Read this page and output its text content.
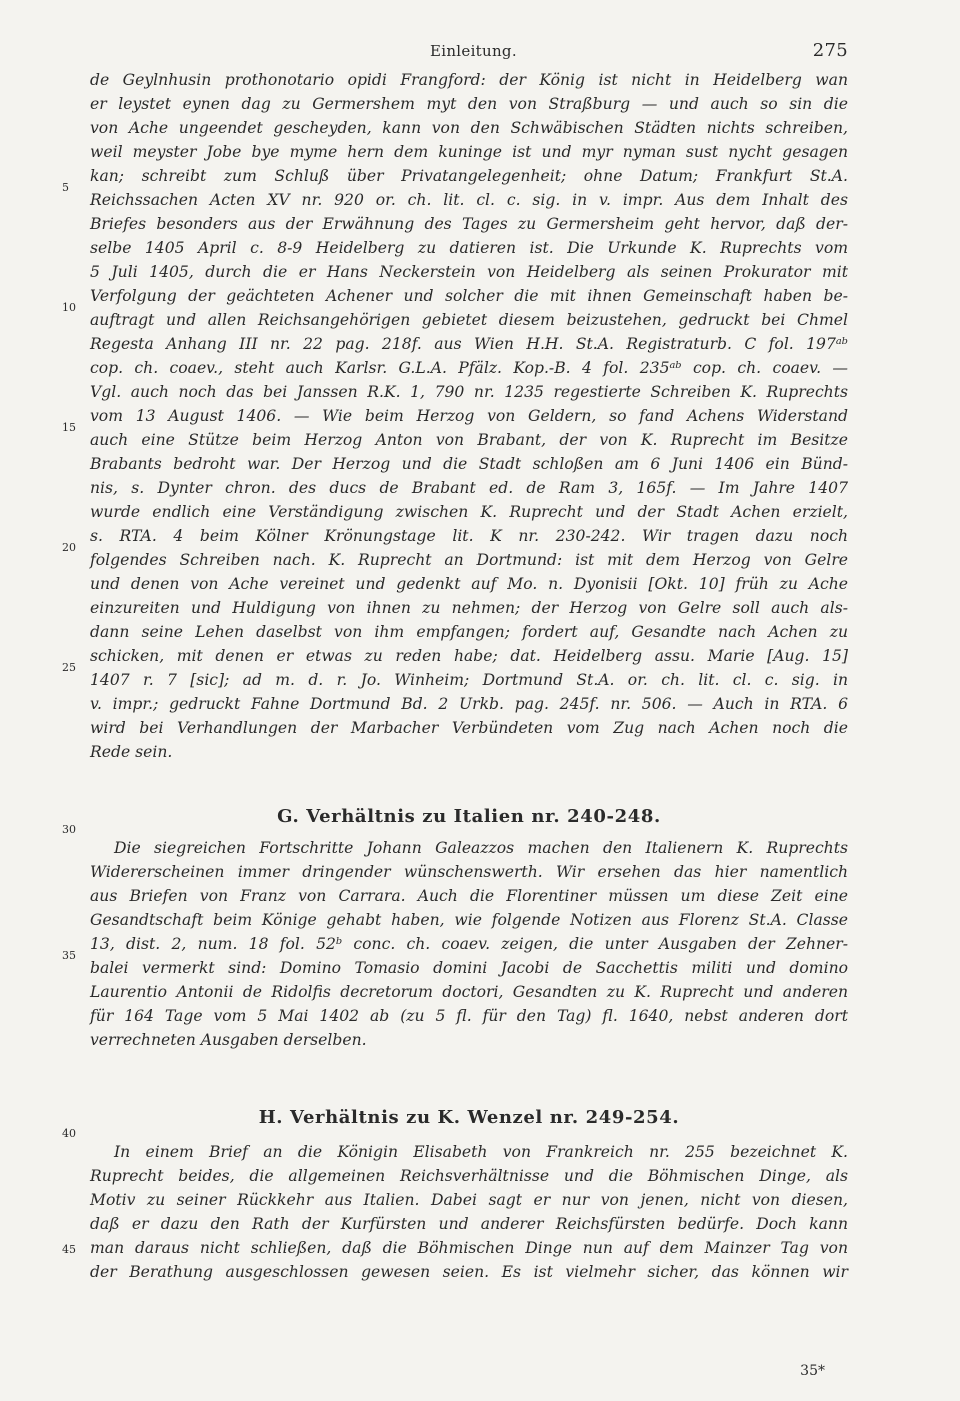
Einleitung.	275
de Geylnhusin prothonotario opidi Frangford: der König ist nicht in Heidelberg wan
er leystet eynen dag zu Germershem myt den von Straßburg — und auch so sin die
von Ache ungeendet gescheyden, kann von den Schwäbischen Städten nichts schreiben,
weil meyster Jobe bye myme hern dem kuninge ist und myr nyman sust nycht gesagen
kan; schreibt zum Schluß über Privatangelegenheit; ohne Datum; Frankfurt St.A.
Reichssachen Acten XV nr. 920 or. ch. lit. cl. c. sig. in v. impr. Aus dem Inhalt des
Briefes besonders aus der Erwähnung des Tages zu Germersheim geht hervor, daß der-
selbe 1405 April c. 8-9 Heidelberg zu datieren ist. Die Urkunde K. Ruprechts vom
5 Juli 1405, durch die er Hans Neckerstein von Heidelberg als seinen Prokurator mit
Verfolgung der geächteten Achener und solcher die mit ihnen Gemeinschaft haben be-
auftragt und allen Reichsangehörigen gebietet diesem beizustehen, gedruckt bei Chmel
Regesta Anhang III nr. 22 pag. 218f. aus Wien H.H. St.A. Registraturb. C fol. 197ᵃᵇ
cop. ch. coaev., steht auch Karlsr. G.L.A. Pfälz. Kop.-B. 4 fol. 235ᵃᵇ cop. ch. coaev. —
Vgl. auch noch das bei Janssen R.K. 1, 790 nr. 1235 regestierte Schreiben K. Ruprechts
vom 13 August 1406. — Wie beim Herzog von Geldern, so fand Achens Widerstand
auch eine Stütze beim Herzog Anton von Brabant, der von K. Ruprecht im Besitze
Brabants bedroht war. Der Herzog und die Stadt schloßen am 6 Juni 1406 ein Bünd-
nis, s. Dynter chron. des ducs de Brabant ed. de Ram 3, 165f. — Im Jahre 1407
wurde endlich eine Verständigung zwischen K. Ruprecht und der Stadt Achen erzielt,
s. RTA. 4 beim Kölner Krönungstage lit. K nr. 230-242. Wir tragen dazu noch
folgendes Schreiben nach. K. Ruprecht an Dortmund: ist mit dem Herzog von Gelre
und denen von Ache vereinet und gedenkt auf Mo. n. Dyonisii [Okt. 10] früh zu Ache
einzureiten und Huldigung von ihnen zu nehmen; der Herzog von Gelre soll auch als-
dann seine Lehen daselbst von ihm empfangen; fordert auf, Gesandte nach Achen zu
schicken, mit denen er etwas zu reden habe; dat. Heidelberg assu. Marie [Aug. 15]
1407 r. 7 [sic]; ad m. d. r. Jo. Winheim; Dortmund St.A. or. ch. lit. cl. c. sig. in
v. impr.; gedruckt Fahne Dortmund Bd. 2 Urkb. pag. 245f. nr. 506. — Auch in RTA. 6
wird bei Verhandlungen der Marbacher Verbündeten vom Zug nach Achen noch die
Rede sein.
G. Verhältnis zu Italien nr. 240-248.
Die siegreichen Fortschritte Johann Galeazzos machen den Italienern K. Ruprechts
Widererscheinen immer dringender wünschenswerth. Wir ersehen das hier namentlich
aus Briefen von Franz von Carrara. Auch die Florentiner müssen um diese Zeit eine
Gesandtschaft beim Könige gehabt haben, wie folgende Notizen aus Florenz St.A. Classe
13, dist. 2, num. 18 fol. 52ᵇ conc. ch. coaev. zeigen, die unter Ausgaben der Zehner-
balei vermerkt sind: Domino Tomasio domini Jacobi de Sacchettis militi und domino
Laurentio Antonii de Ridolfis decretorum doctori, Gesandten zu K. Ruprecht und anderen
für 164 Tage vom 5 Mai 1402 ab (zu 5 fl. für den Tag) fl. 1640, nebst anderen dort
verrechneten Ausgaben derselben.
H. Verhältnis zu K. Wenzel nr. 249-254.
In einem Brief an die Königin Elisabeth von Frankreich nr. 255 bezeichnet K.
Ruprecht beides, die allgemeinen Reichsverhältnisse und die Böhmischen Dinge, als
Motiv zu seiner Rückkehr aus Italien. Dabei sagt er nur von jenen, nicht von diesen,
daß er dazu den Rath der Kurfürsten und anderer Reichsfürsten bedürfe. Doch kann
man daraus nicht schließen, daß die Böhmischen Dinge nun auf dem Mainzer Tag von
der Berathung ausgeschlossen gewesen seien. Es ist vielmehr sicher, das können wir
5
10
15
20
25
30
35
40
45
35*
